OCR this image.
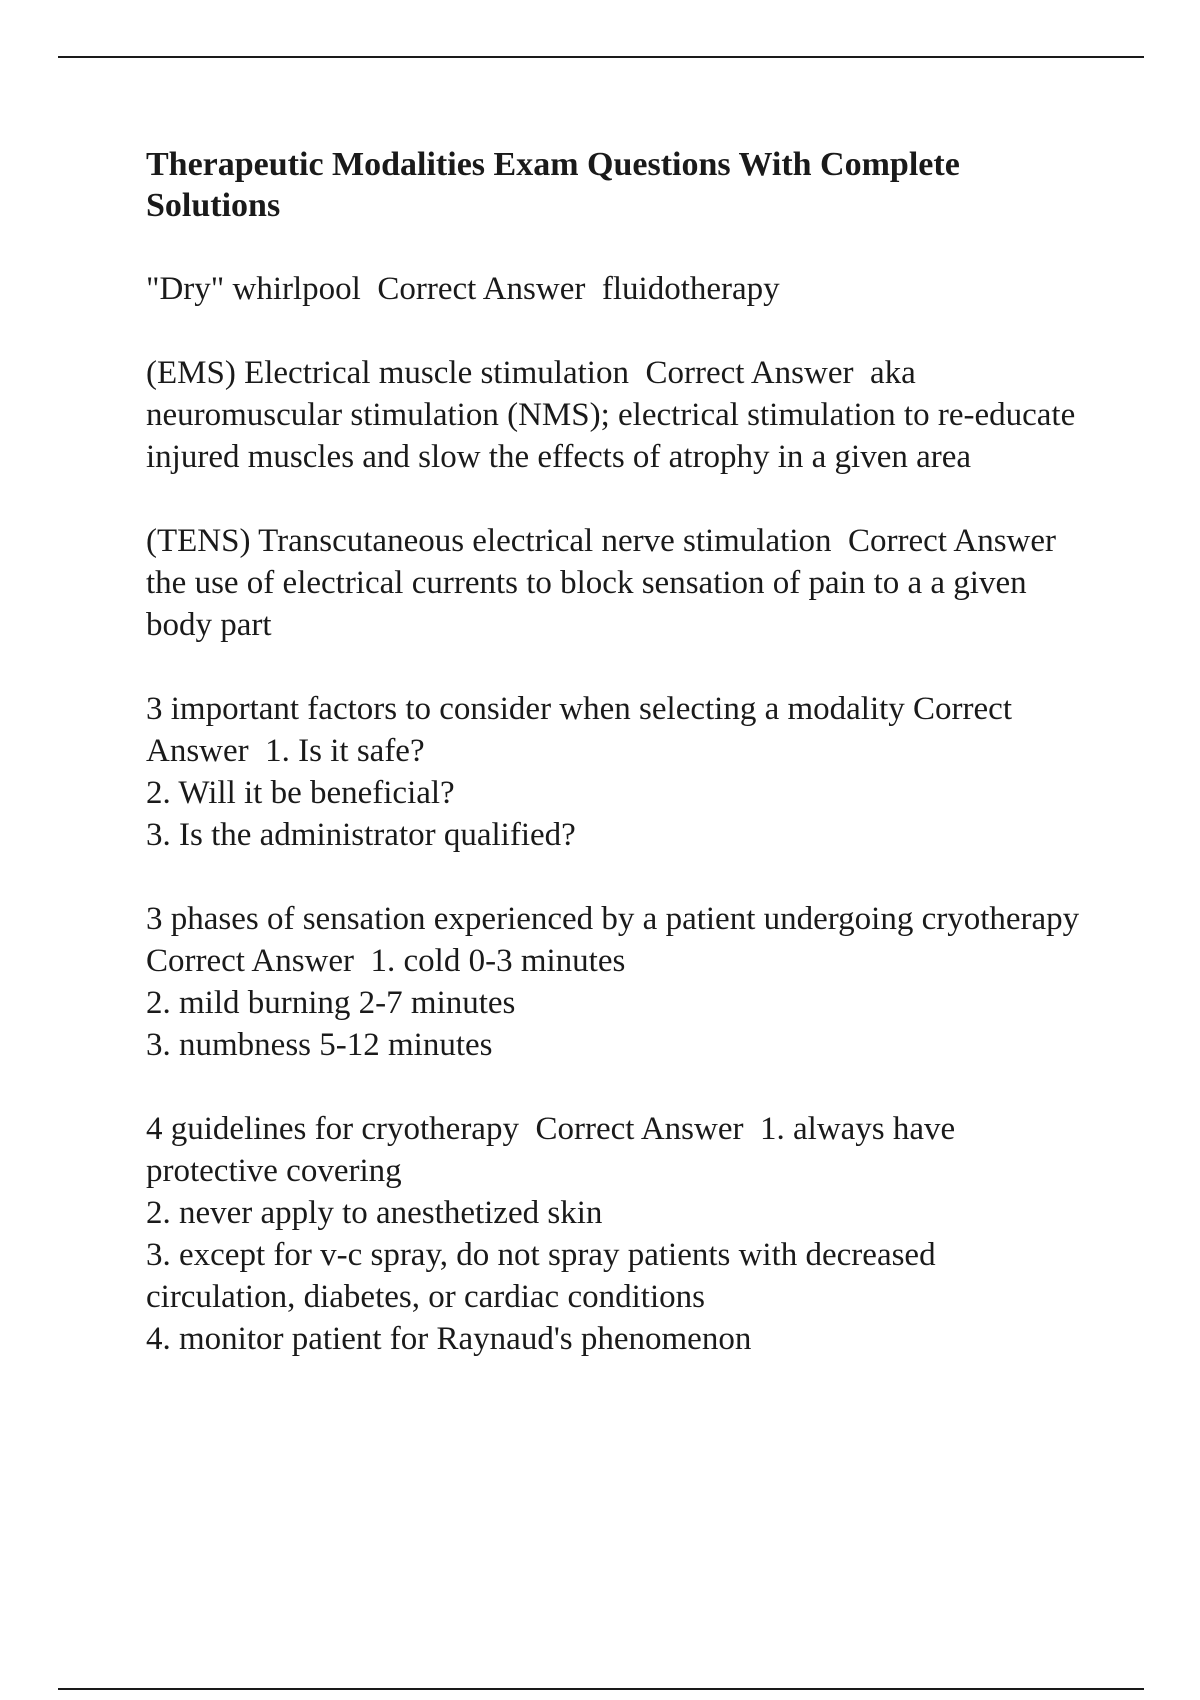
Therapeutic Modalities Exam Questions With Complete Solutions

"Dry" whirlpool Correct Answer fluidotherapy

(EMS) Electrical muscle stimulation Correct Answer aka neuromuscular stimulation (NMS); electrical stimulation to re-educate injured muscles and slow the effects of atrophy in a given area

(TENS) Transcutaneous electrical nerve stimulation Correct Answer  the use of electrical currents to block sensation of pain to a a given body part

3 important factors to consider when selecting a modality Correct Answer 1. Is it safe?
2. Will it be beneficial?
3. Is the administrator qualified?

3 phases of sensation experienced by a patient undergoing cryotherapy  Correct Answer 1. cold 0-3 minutes
2. mild burning 2-7 minutes
3. numbness 5-12 minutes

4 guidelines for cryotherapy Correct Answer 1. always have protective covering
2. never apply to anesthetized skin
3. except for v-c spray, do not spray patients with decreased circulation, diabetes, or cardiac conditions
4. monitor patient for Raynaud's phenomenon
